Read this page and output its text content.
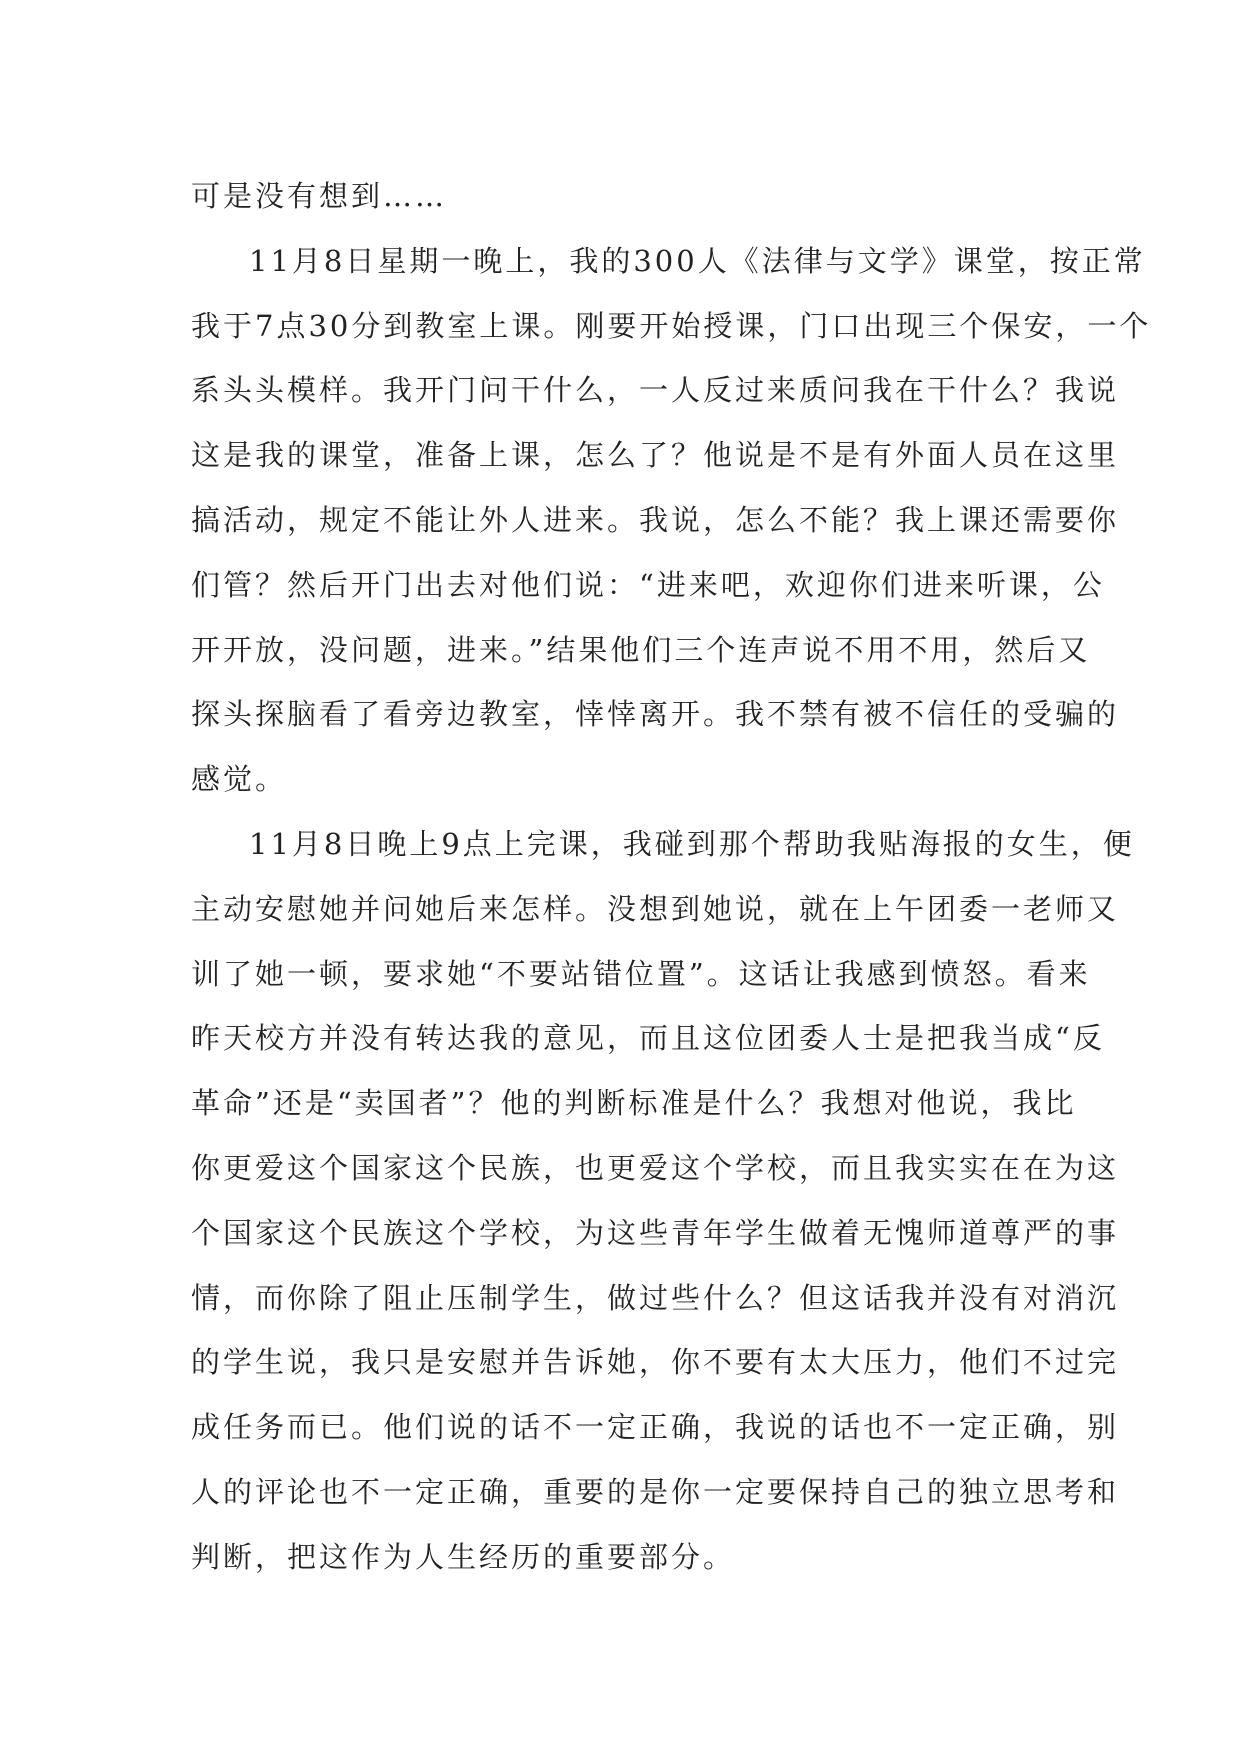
可是没有想到……
11月8日星期一晚上，我的300人《法律与文学》课堂，按正常
我于7点30分到教室上课。刚要开始授课，门口出现三个保安，一个
系头头模样。我开门问干什么，一人反过来质问我在干什么？我说
这是我的课堂，准备上课，怎么了？他说是不是有外面人员在这里
搞活动，规定不能让外人进来。我说，怎么不能？我上课还需要你
们管？然后开门出去对他们说：“进来吧，欢迎你们进来听课，公
开开放，没问题，进来。”结果他们三个连声说不用不用，然后又
探头探脑看了看旁边教室，悻悻离开。我不禁有被不信任的受骗的
感觉。
11月8日晚上9点上完课，我碰到那个帮助我贴海报的女生，便
主动安慰她并问她后来怎样。没想到她说，就在上午团委一老师又
训了她一顿，要求她“不要站错位置”。这话让我感到愤怒。看来
昨天校方并没有转达我的意见，而且这位团委人士是把我当成“反
革命”还是“卖国者”？他的判断标准是什么？我想对他说，我比
你更爱这个国家这个民族，也更爱这个学校，而且我实实在在为这
个国家这个民族这个学校，为这些青年学生做着无愧师道尊严的事
情，而你除了阻止压制学生，做过些什么？但这话我并没有对消沉
的学生说，我只是安慰并告诉她，你不要有太大压力，他们不过完
成任务而已。他们说的话不一定正确，我说的话也不一定正确，别
人的评论也不一定正确，重要的是你一定要保持自己的独立思考和
判断，把这作为人生经历的重要部分。
